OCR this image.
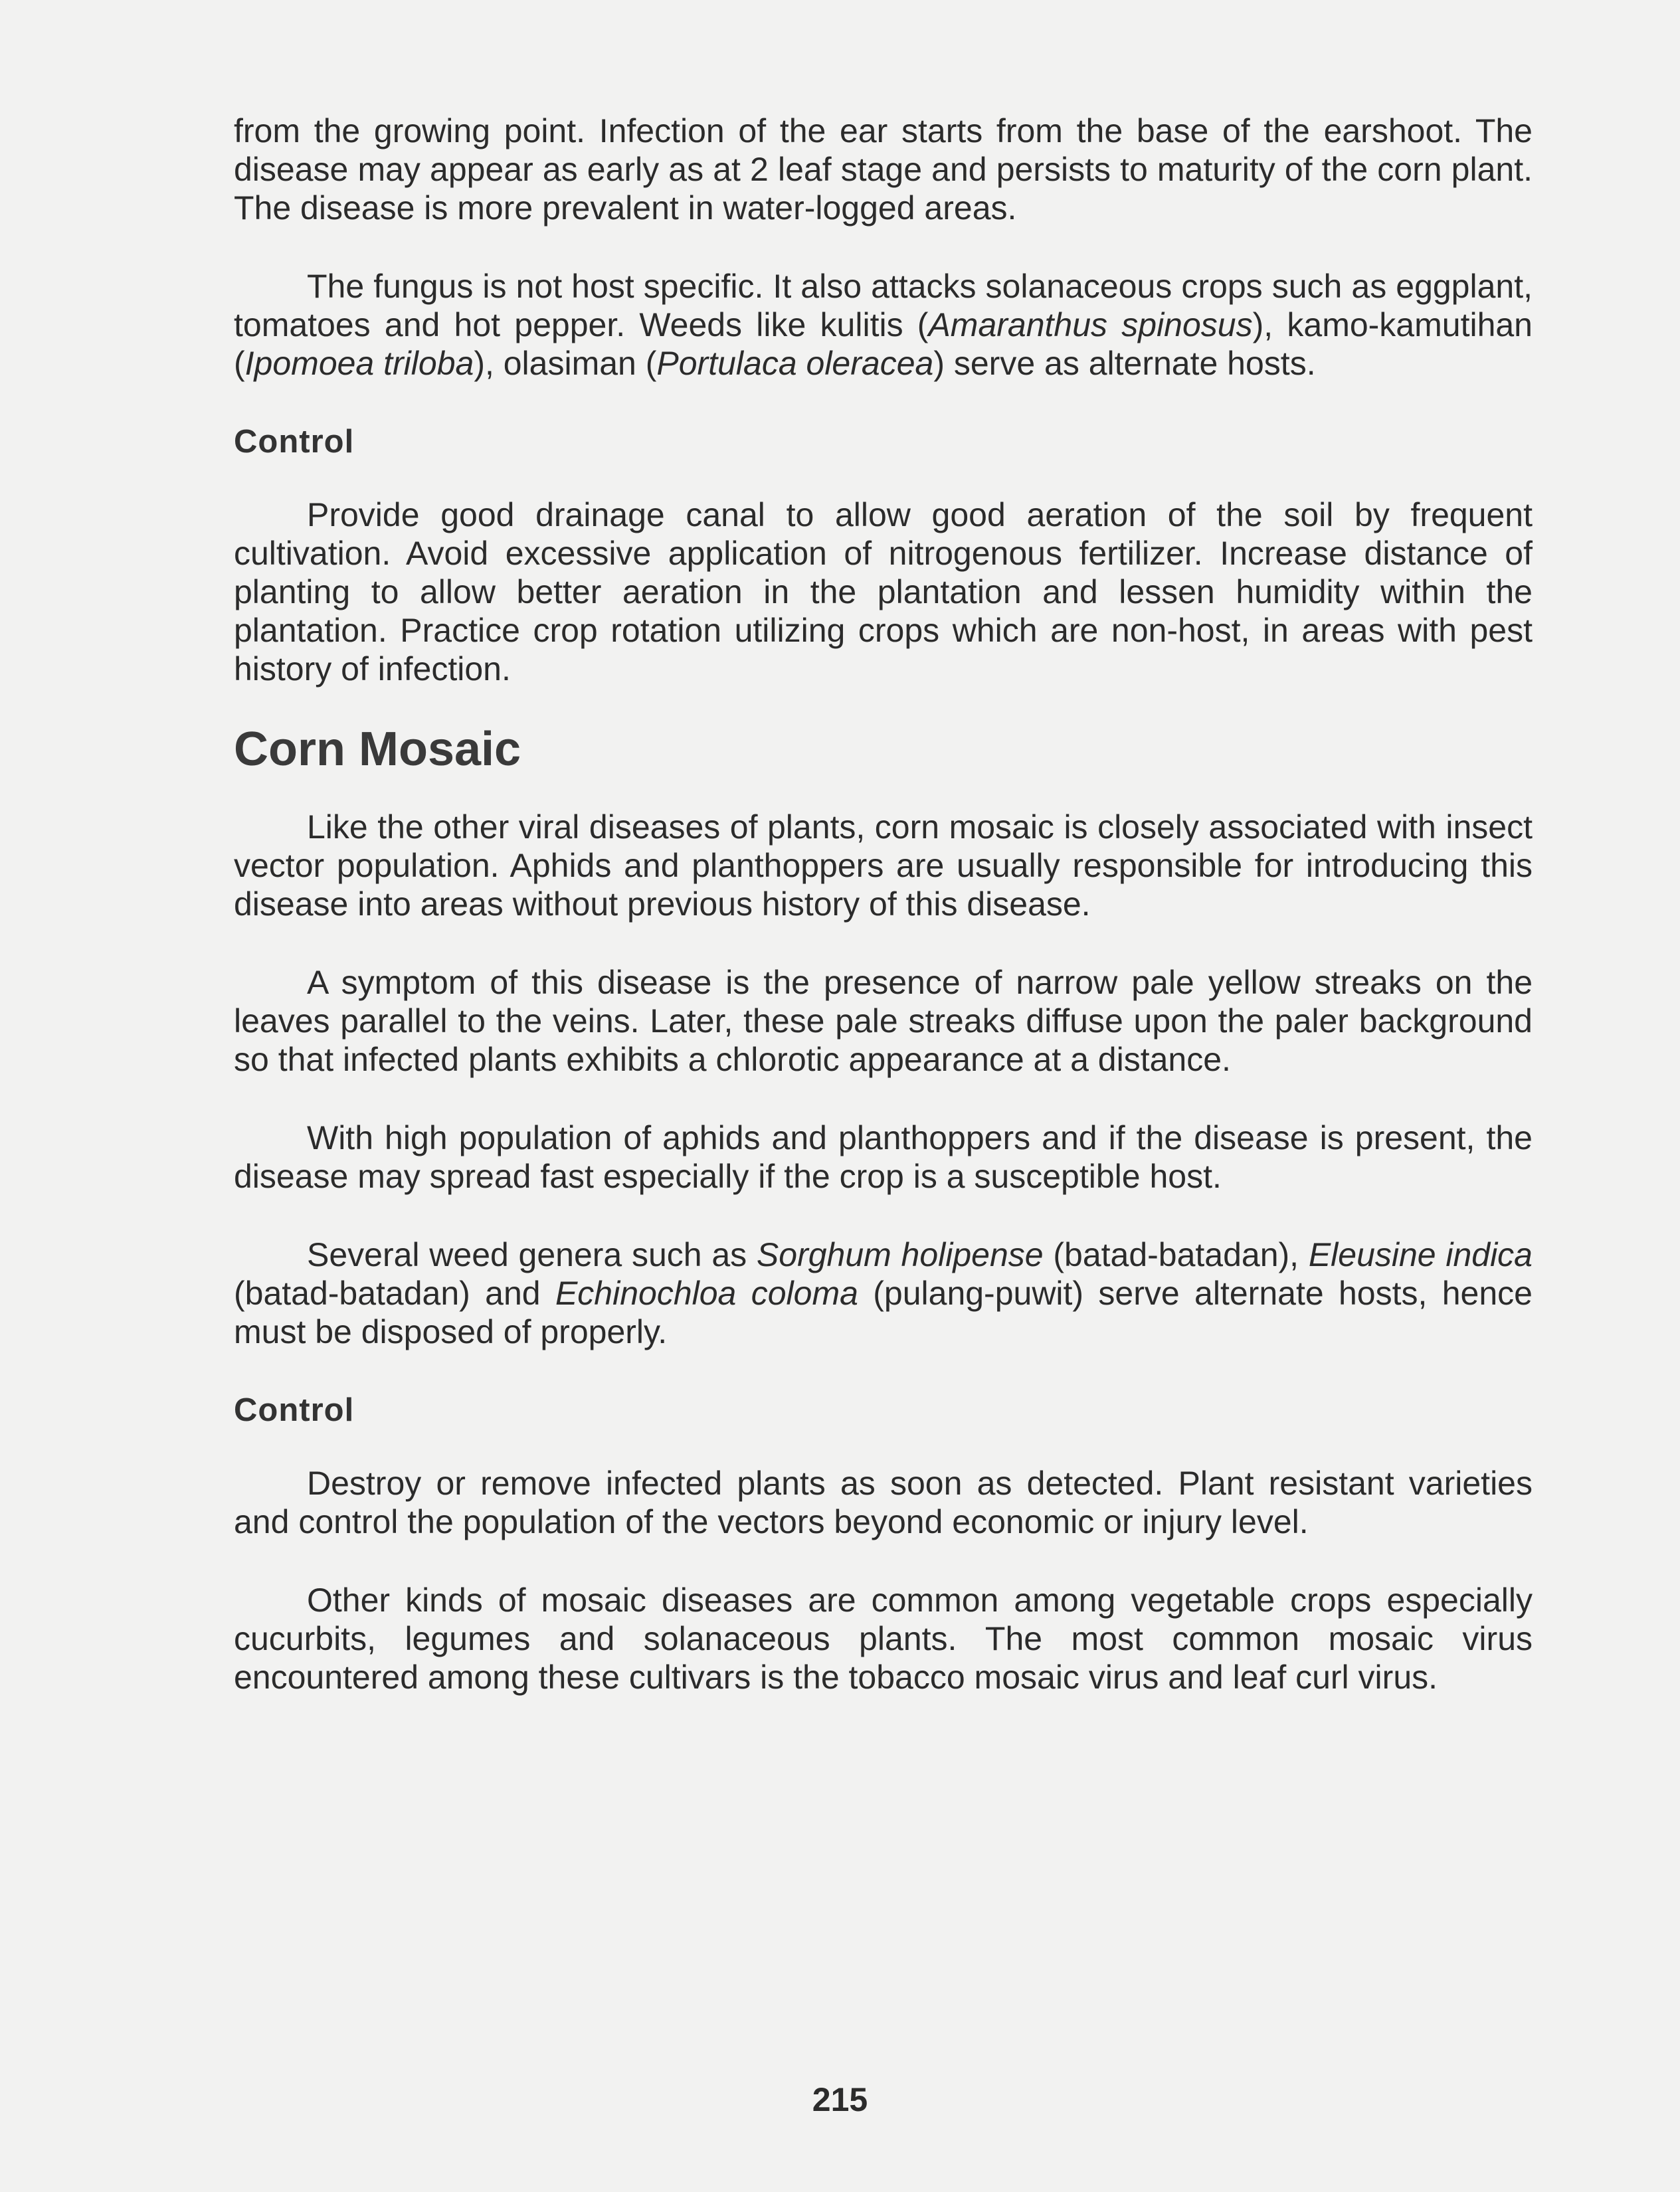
from the growing point. Infection of the ear starts from the base of the earshoot. The disease may appear as early as at 2 leaf stage and persists to maturity of the corn plant. The disease is more prevalent in water-logged areas.

The fungus is not host specific. It also attacks solanaceous crops such as eggplant, tomatoes and hot pepper. Weeds like kulitis (Amaranthus spinosus), kamo-kamutihan (Ipomoea triloba), olasiman (Portulaca oleracea) serve as alternate hosts.

Control

Provide good drainage canal to allow good aeration of the soil by frequent cultivation. Avoid excessive application of nitrogenous fertilizer. Increase distance of planting to allow better aeration in the plantation and lessen humidity within the plantation. Practice crop rotation utilizing crops which are non-host, in areas with pest history of infection.

Corn Mosaic

Like the other viral diseases of plants, corn mosaic is closely associated with insect vector population. Aphids and planthoppers are usually responsible for introducing this disease into areas without previous history of this disease.

A symptom of this disease is the presence of narrow pale yellow streaks on the leaves parallel to the veins. Later, these pale streaks diffuse upon the paler background so that infected plants exhibits a chlorotic appearance at a distance.

With high population of aphids and planthoppers and if the disease is present, the disease may spread fast especially if the crop is a susceptible host.

Several weed genera such as Sorghum holipense (batad-batadan), Eleusine indica (batad-batadan) and Echinochloa coloma (pulang-puwit) serve alternate hosts, hence must be disposed of properly.

Control

Destroy or remove infected plants as soon as detected. Plant resistant varieties and control the population of the vectors beyond economic or injury level.

Other kinds of mosaic diseases are common among vegetable crops especially cucurbits, legumes and solanaceous plants. The most common mosaic virus encountered among these cultivars is the tobacco mosaic virus and leaf curl virus.

215
